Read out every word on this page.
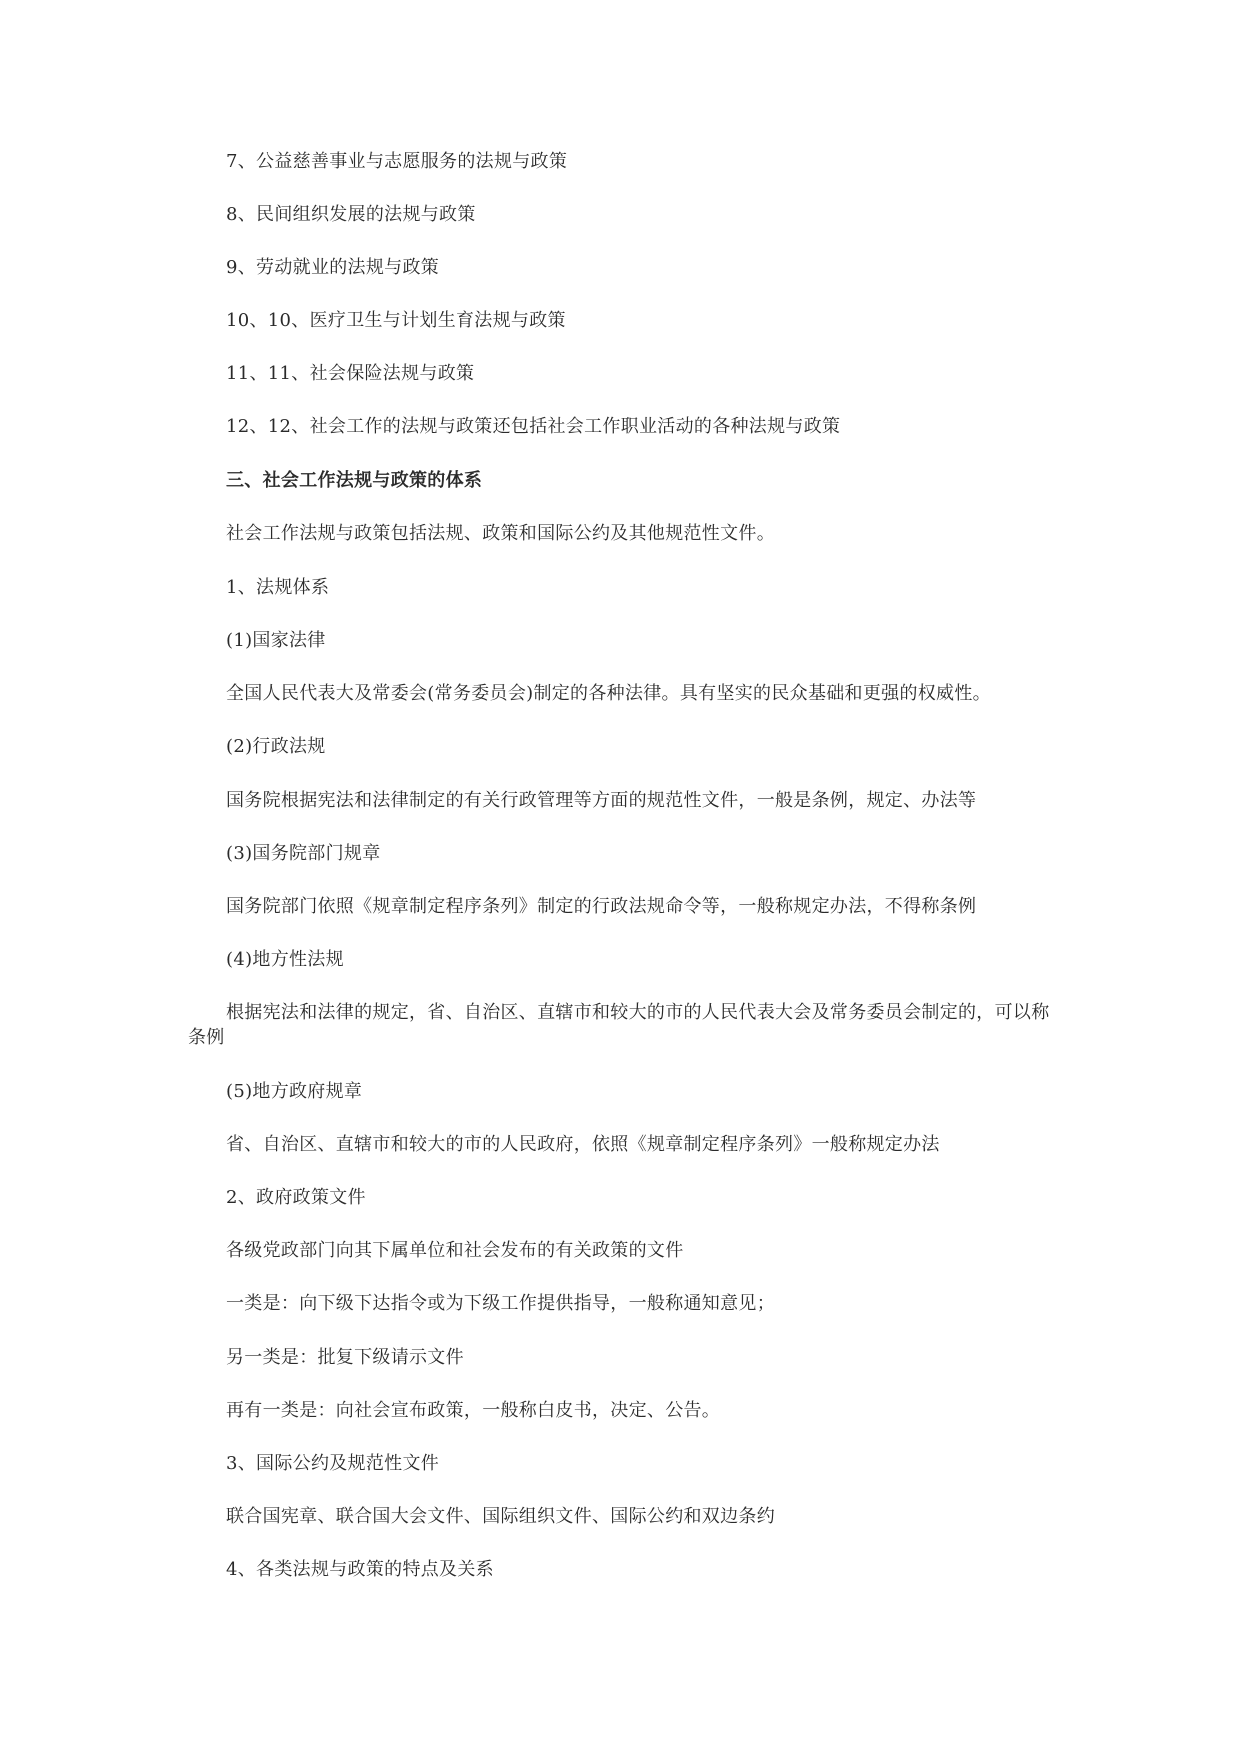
7、公益慈善事业与志愿服务的法规与政策
8、民间组织发展的法规与政策
9、劳动就业的法规与政策
10、10、医疗卫生与计划生育法规与政策
11、11、社会保险法规与政策
12、12、社会工作的法规与政策还包括社会工作职业活动的各种法规与政策
三、社会工作法规与政策的体系
社会工作法规与政策包括法规、政策和国际公约及其他规范性文件。
1、法规体系
(1)国家法律
全国人民代表大及常委会(常务委员会)制定的各种法律。具有坚实的民众基础和更强的权威性。
(2)行政法规
国务院根据宪法和法律制定的有关行政管理等方面的规范性文件，一般是条例，规定、办法等
(3)国务院部门规章
国务院部门依照《规章制定程序条列》制定的行政法规命令等，一般称规定办法，不得称条例
(4)地方性法规
根据宪法和法律的规定，省、自治区、直辖市和较大的市的人民代表大会及常务委员会制定的，可以称条例
(5)地方政府规章
省、自治区、直辖市和较大的市的人民政府，依照《规章制定程序条列》一般称规定办法
2、政府政策文件
各级党政部门向其下属单位和社会发布的有关政策的文件
一类是：向下级下达指令或为下级工作提供指导，一般称通知意见；
另一类是：批复下级请示文件
再有一类是：向社会宣布政策，一般称白皮书，决定、公告。
3、国际公约及规范性文件
联合国宪章、联合国大会文件、国际组织文件、国际公约和双边条约
4、各类法规与政策的特点及关系
